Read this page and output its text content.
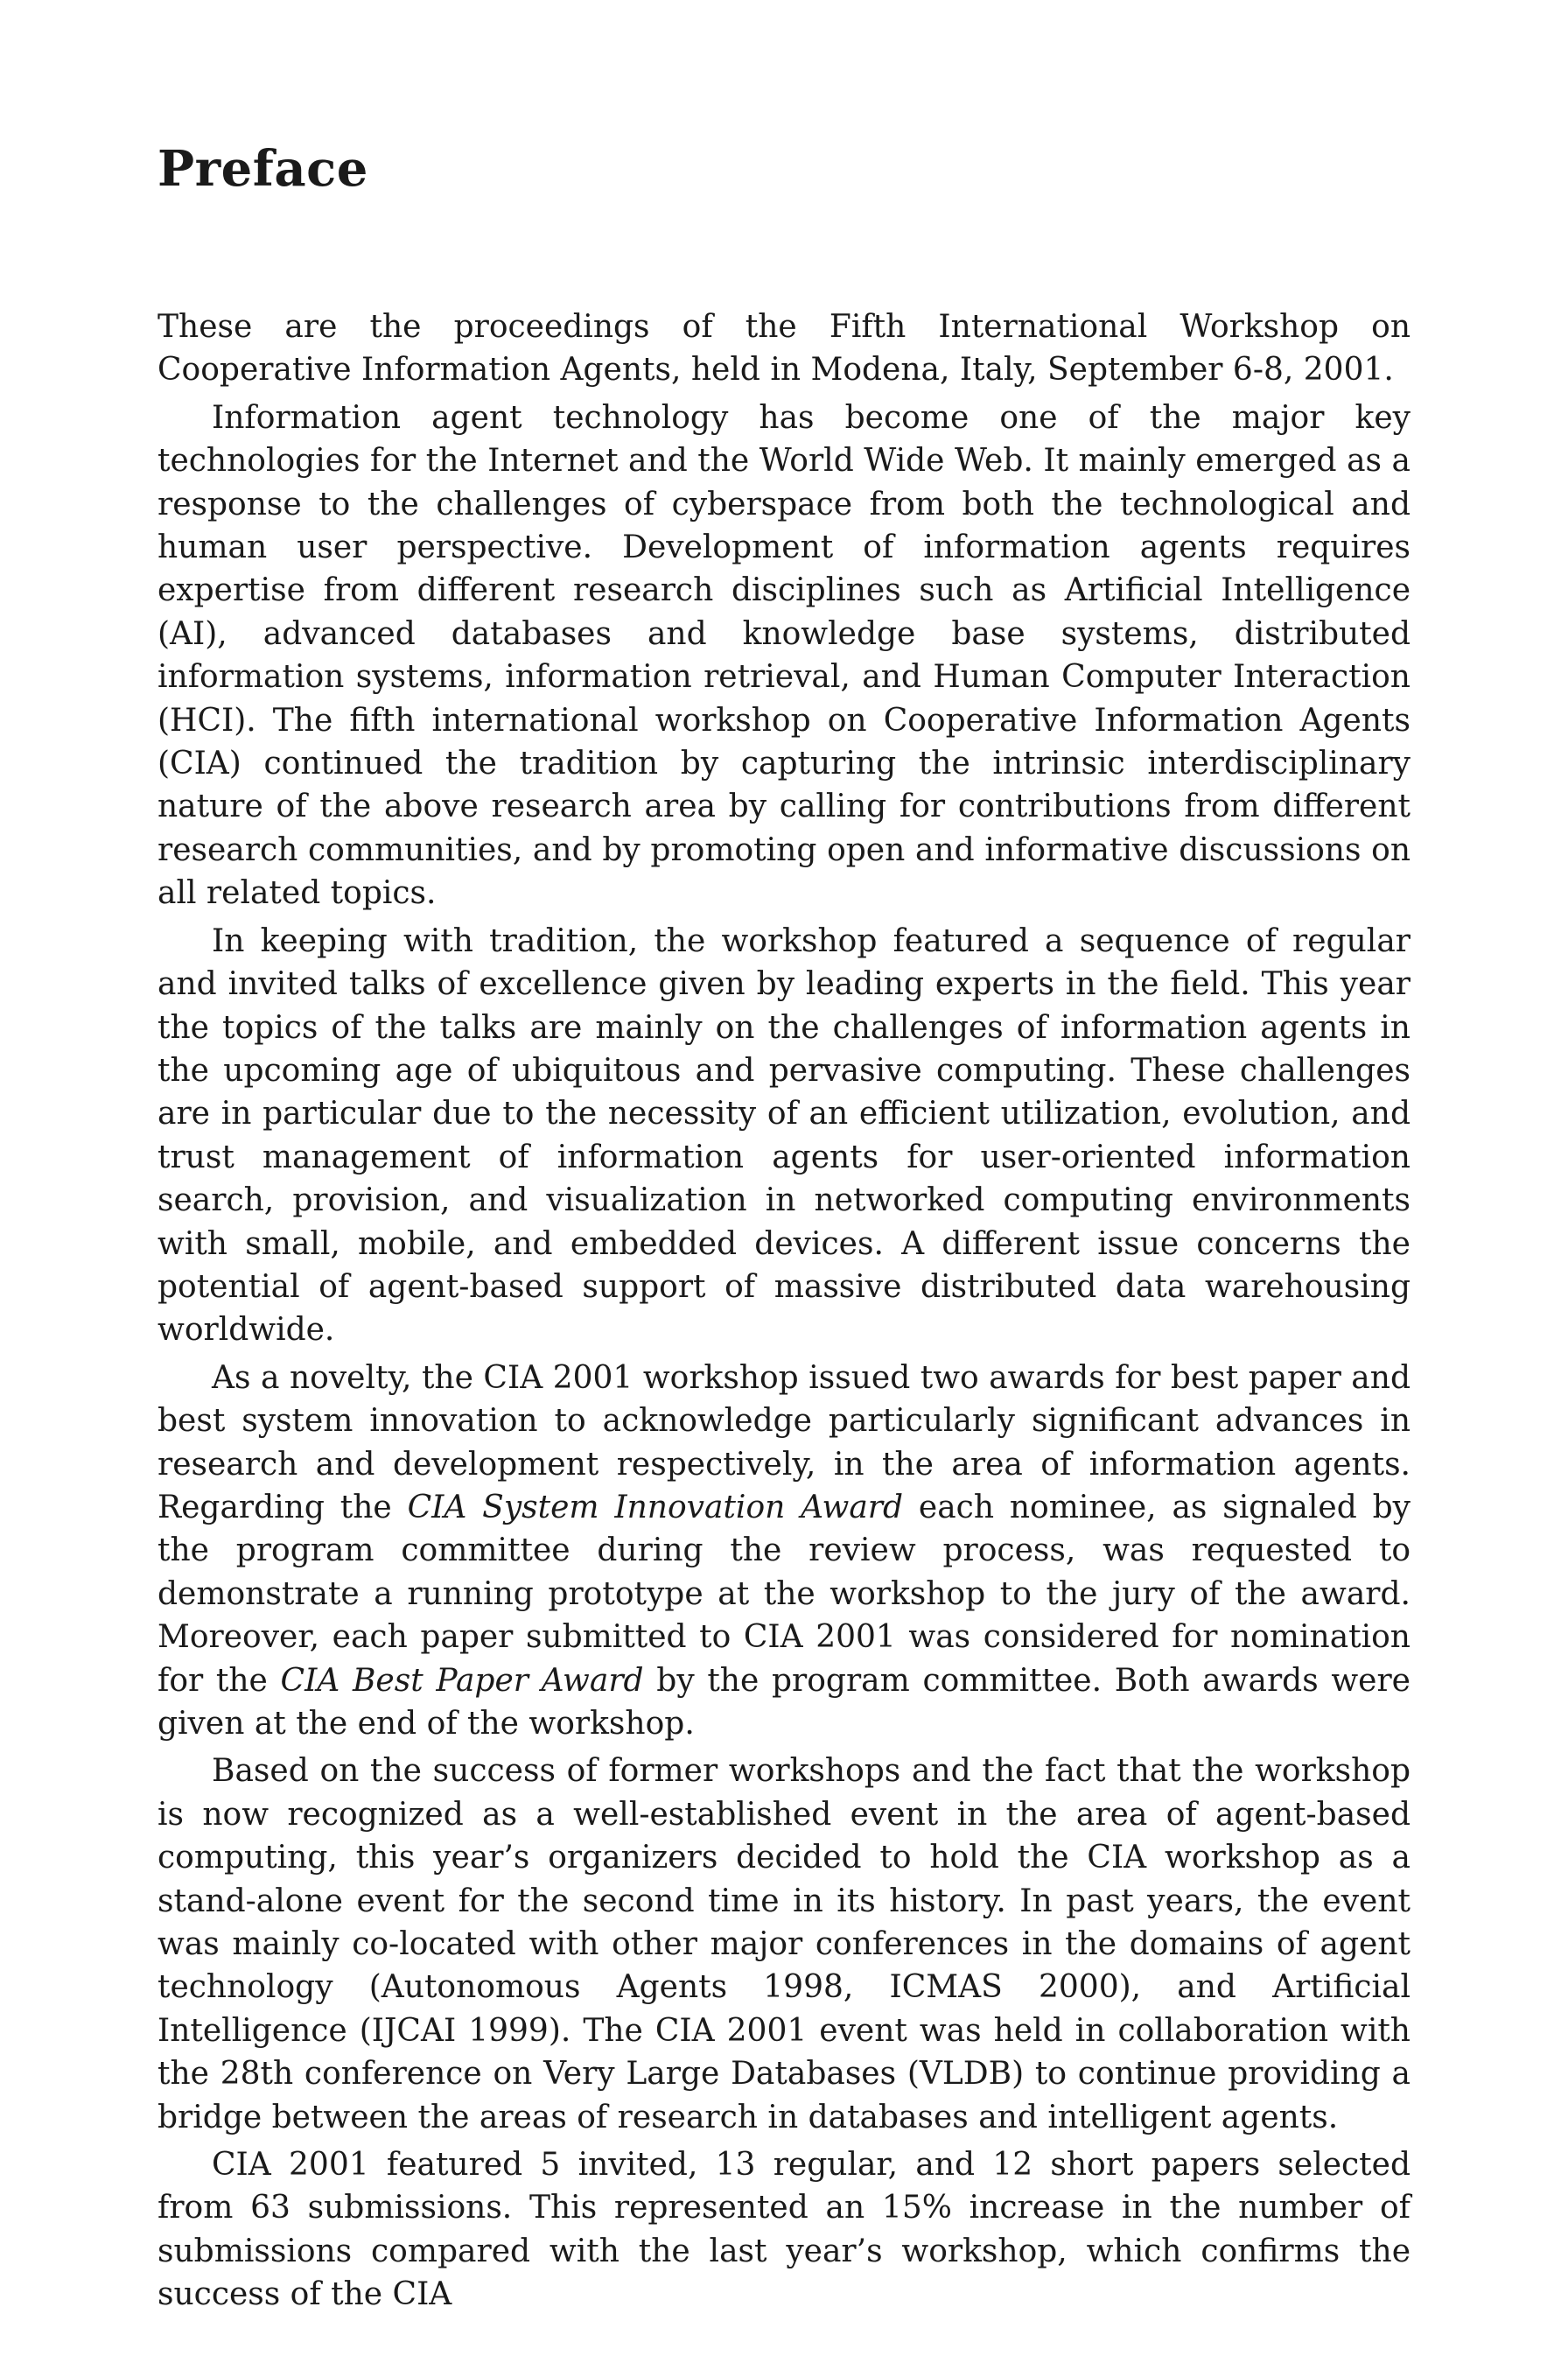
Preface

These are the proceedings of the Fifth International Workshop on Cooperative Information Agents, held in Modena, Italy, September 6-8, 2001.

Information agent technology has become one of the major key technologies for the Internet and the World Wide Web. It mainly emerged as a response to the challenges of cyberspace from both the technological and human user perspective. Development of information agents requires expertise from different research disciplines such as Artificial Intelligence (AI), advanced databases and knowledge base systems, distributed information systems, information retrieval, and Human Computer Interaction (HCI). The fifth international workshop on Cooperative Information Agents (CIA) continued the tradition by capturing the intrinsic interdisciplinary nature of the above research area by calling for contributions from different research communities, and by promoting open and informative discussions on all related topics.

In keeping with tradition, the workshop featured a sequence of regular and invited talks of excellence given by leading experts in the field. This year the topics of the talks are mainly on the challenges of information agents in the upcoming age of ubiquitous and pervasive computing. These challenges are in particular due to the necessity of an efficient utilization, evolution, and trust management of information agents for user-oriented information search, provision, and visualization in networked computing environments with small, mobile, and embedded devices. A different issue concerns the potential of agent-based support of massive distributed data warehousing worldwide.

As a novelty, the CIA 2001 workshop issued two awards for best paper and best system innovation to acknowledge particularly significant advances in research and development respectively, in the area of information agents. Regarding the CIA System Innovation Award each nominee, as signaled by the program committee during the review process, was requested to demonstrate a running prototype at the workshop to the jury of the award. Moreover, each paper submitted to CIA 2001 was considered for nomination for the CIA Best Paper Award by the program committee. Both awards were given at the end of the workshop.

Based on the success of former workshops and the fact that the workshop is now recognized as a well-established event in the area of agent-based computing, this year’s organizers decided to hold the CIA workshop as a stand-alone event for the second time in its history. In past years, the event was mainly co-located with other major conferences in the domains of agent technology (Autonomous Agents 1998, ICMAS 2000), and Artificial Intelligence (IJCAI 1999). The CIA 2001 event was held in collaboration with the 28th conference on Very Large Databases (VLDB) to continue providing a bridge between the areas of research in databases and intelligent agents.

CIA 2001 featured 5 invited, 13 regular, and 12 short papers selected from 63 submissions. This represented an 15% increase in the number of submissions compared with the last year’s workshop, which confirms the success of the CIA
